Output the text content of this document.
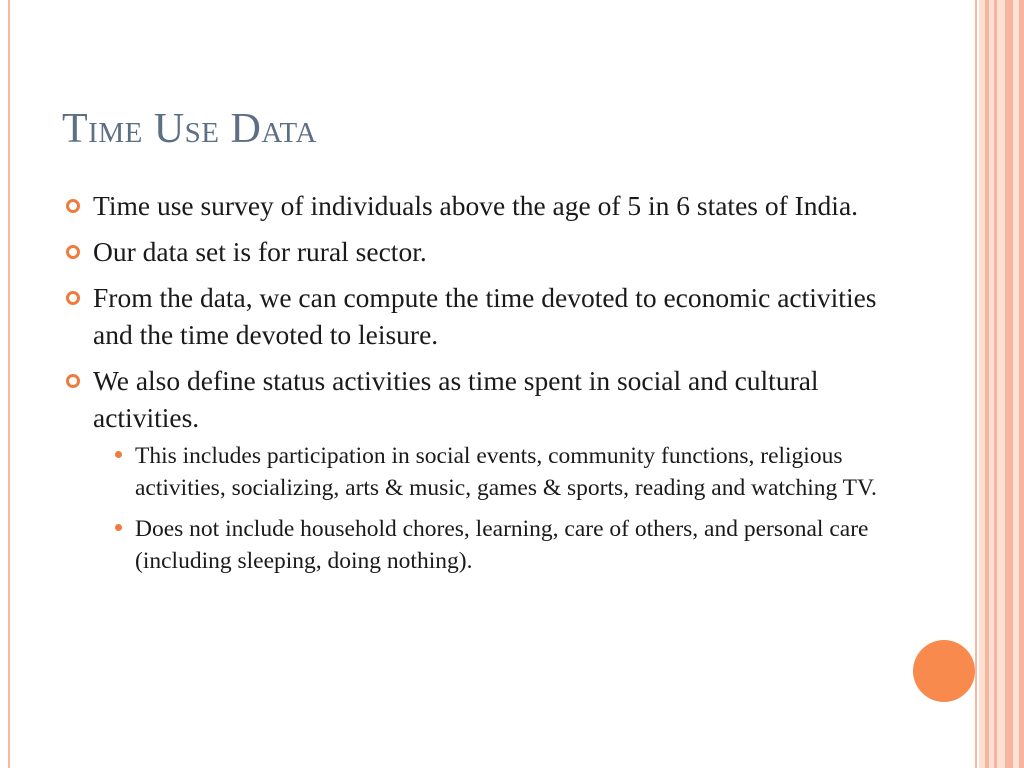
Time Use Data
Time use survey of individuals above the age of 5 in 6 states of India.
Our data set is for rural sector.
From the data, we can compute the time devoted to economic activities and the time devoted to leisure.
We also define status activities as time spent in social and cultural activities.
This includes participation in social events, community functions, religious activities, socializing, arts & music, games & sports, reading and watching TV.
Does not include household chores, learning, care of others, and personal care (including sleeping, doing nothing).
